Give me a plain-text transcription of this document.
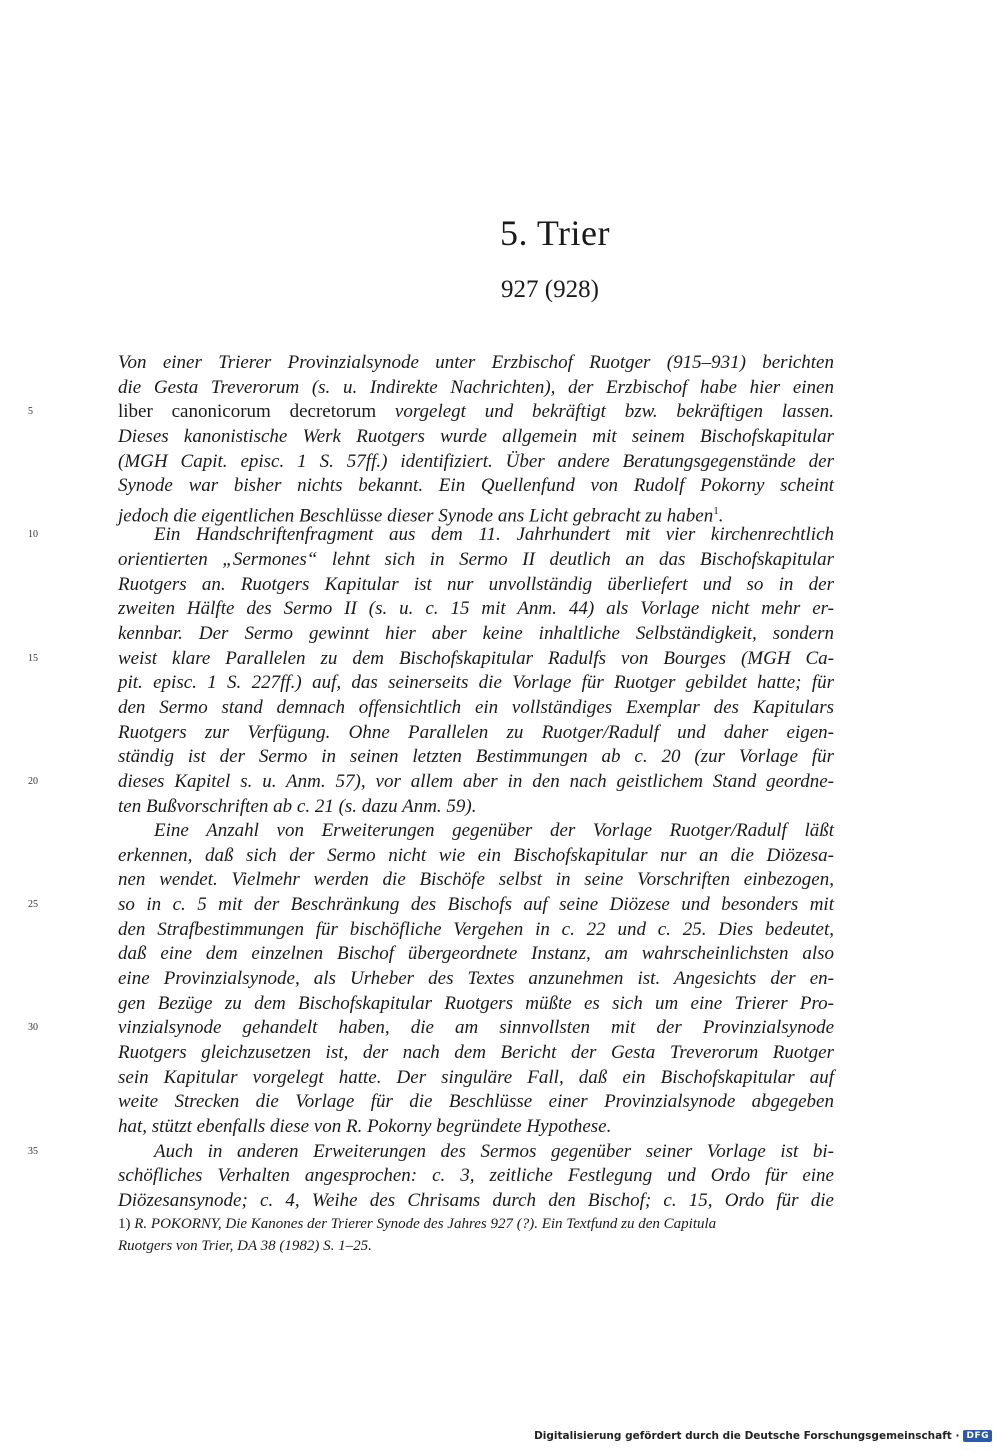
5. Trier
927 (928)
Von einer Trierer Provinzialsynode unter Erzbischof Ruotger (915–931) berichten
die Gesta Treverorum (s. u. Indirekte Nachrichten), der Erzbischof habe hier einen
5	liber canonicorum decretorum vorgelegt und bekräftigt bzw. bekräftigen lassen.
Dieses kanonistische Werk Ruotgers wurde allgemein mit seinem Bischofskapitular
(MGH Capit. episc. 1 S. 57ff.) identifiziert. Über andere Beratungsgegenstände der
Synode war bisher nichts bekannt. Ein Quellenfund von Rudolf Pokorny scheint
jedoch die eigentlichen Beschlüsse dieser Synode ans Licht gebracht zu haben$^1$.
10	Ein Handschriftenfragment aus dem 11. Jahrhundert mit vier kirchenrechtlich
orientierten „Sermones“ lehnt sich in Sermo II deutlich an das Bischofskapitular
Ruotgers an. Ruotgers Kapitular ist nur unvollständig überliefert und so in der
zweiten Hälfte des Sermo II (s. u. c. 15 mit Anm. 44) als Vorlage nicht mehr er-
kennbar. Der Sermo gewinnt hier aber keine inhaltliche Selbständigkeit, sondern
15	weist klare Parallelen zu dem Bischofskapitular Radulfs von Bourges (MGH Ca-
pit. episc. 1 S. 227ff.) auf, das seinerseits die Vorlage für Ruotger gebildet hatte; für
den Sermo stand demnach offensichtlich ein vollständiges Exemplar des Kapitulars
Ruotgers zur Verfügung. Ohne Parallelen zu Ruotger/Radulf und daher eigen-
ständig ist der Sermo in seinen letzten Bestimmungen ab c. 20 (zur Vorlage für
20	dieses Kapitel s. u. Anm. 57), vor allem aber in den nach geistlichem Stand geordne-
ten Bußvorschriften ab c. 21 (s. dazu Anm. 59).
Eine Anzahl von Erweiterungen gegenüber der Vorlage Ruotger/Radulf läßt
erkennen, daß sich der Sermo nicht wie ein Bischofskapitular nur an die Diözesa-
nen wendet. Vielmehr werden die Bischöfe selbst in seine Vorschriften einbezogen,
25	so in c. 5 mit der Beschränkung des Bischofs auf seine Diözese und besonders mit
den Strafbestimmungen für bischöfliche Vergehen in c. 22 und c. 25. Dies bedeutet,
daß eine dem einzelnen Bischof übergeordnete Instanz, am wahrscheinlichsten also
eine Provinzialsynode, als Urheber des Textes anzunehmen ist. Angesichts der en-
gen Bezüge zu dem Bischofskapitular Ruotgers müßte es sich um eine Trierer Pro-
30	vinzialsynode gehandelt haben, die am sinnvollsten mit der Provinzialsynode
Ruotgers gleichzusetzen ist, der nach dem Bericht der Gesta Treverorum Ruotger
sein Kapitular vorgelegt hatte. Der singuläre Fall, daß ein Bischofskapitular auf
weite Strecken die Vorlage für die Beschlüsse einer Provinzialsynode abgegeben
hat, stützt ebenfalls diese von R. Pokorny begründete Hypothese.
35	Auch in anderen Erweiterungen des Sermos gegenüber seiner Vorlage ist bi-
schöfliches Verhalten angesprochen: c. 3, zeitliche Festlegung und Ordo für eine
Diözesansynode; c. 4, Weihe des Chrisams durch den Bischof; c. 15, Ordo für die
1) R. POKORNY, Die Kanones der Trierer Synode des Jahres 927 (?). Ein Textfund zu den Capitula
Ruotgers von Trier, DA 38 (1982) S. 1–25.
Digitalisierung gefördert durch die Deutsche Forschungsgemeinschaft · DFG
